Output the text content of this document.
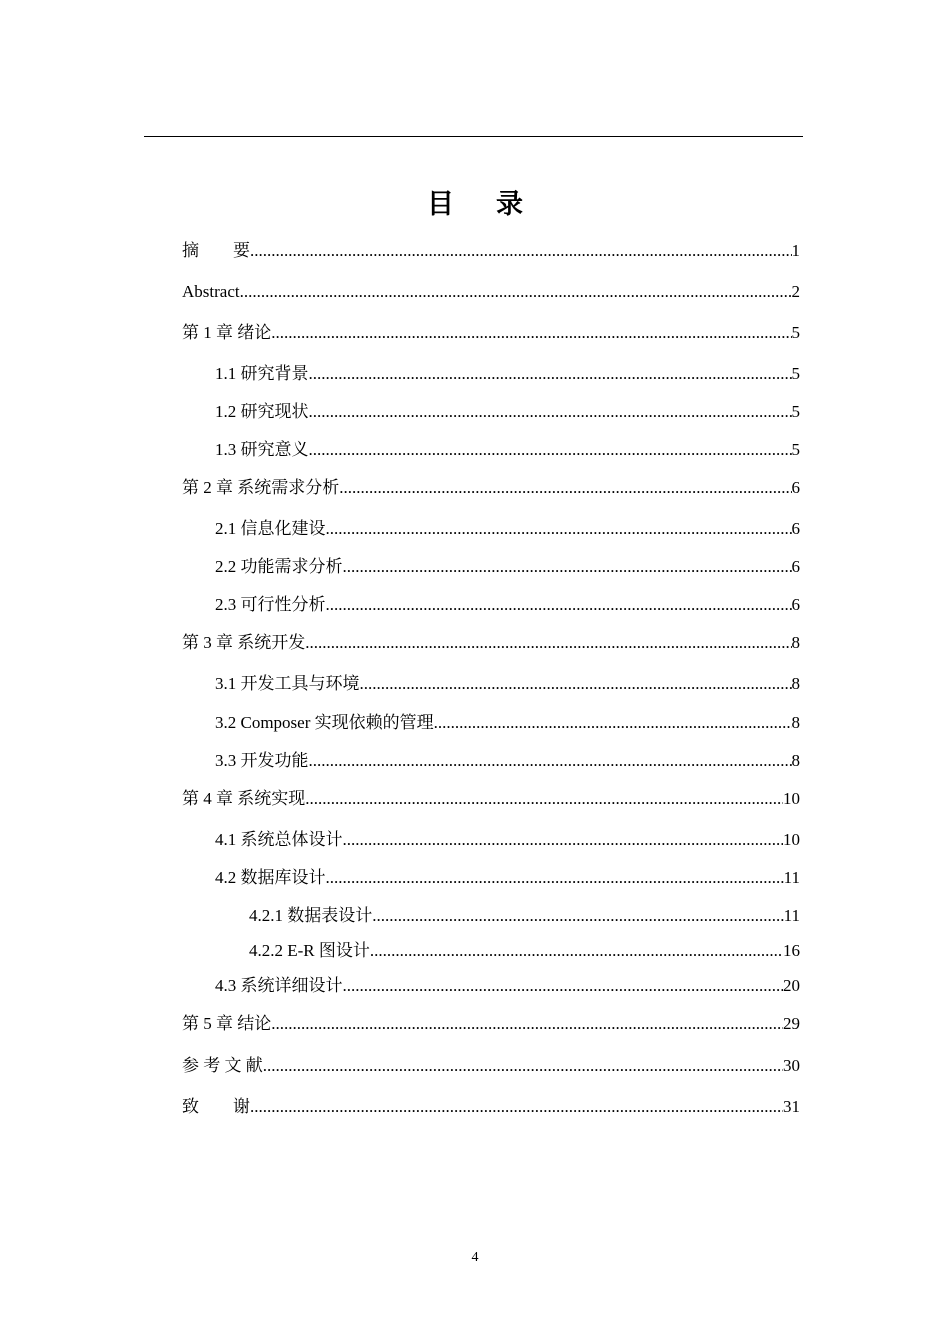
目 录
摘　　要 .....	1
Abstract .....	2
第 1 章 绪论 .....	5
1.1 研究背景 .....	5
1.2 研究现状 .....	5
1.3 研究意义 .....	5
第 2 章 系统需求分析 .....	6
2.1 信息化建设 .....	6
2.2 功能需求分析 .....	6
2.3 可行性分析 .....	6
第 3 章 系统开发 .....	8
3.1 开发工具与环境 .....	8
3.2 Composer 实现依赖的管理 .....	8
3.3 开发功能 .....	8
第 4 章 系统实现 .....	10
4.1 系统总体设计 .....	10
4.2 数据库设计 .....	11
4.2.1 数据表设计 .....	11
4.2.2 E-R 图设计 .....	16
4.3 系统详细设计 .....	20
第 5 章 结论 .....	29
参 考 文 献 .....	30
致　　谢 .....	31
4
